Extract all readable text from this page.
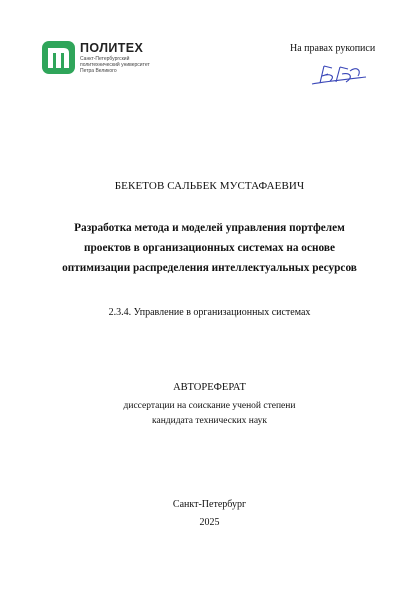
ПОЛИТЕХ
Санкт-Петербургский
политехнический университет
Петра Великого
На правах рукописи
БЕКЕТОВ САЛЬБЕК МУСТАФАЕВИЧ
Разработка метода и моделей управления портфелем
проектов в организационных системах на основе
оптимизации распределения интеллектуальных ресурсов
2.3.4. Управление в организационных системах
АВТОРЕФЕРАТ
диссертации на соискание ученой степени
кандидата технических наук
Санкт-Петербург
2025
